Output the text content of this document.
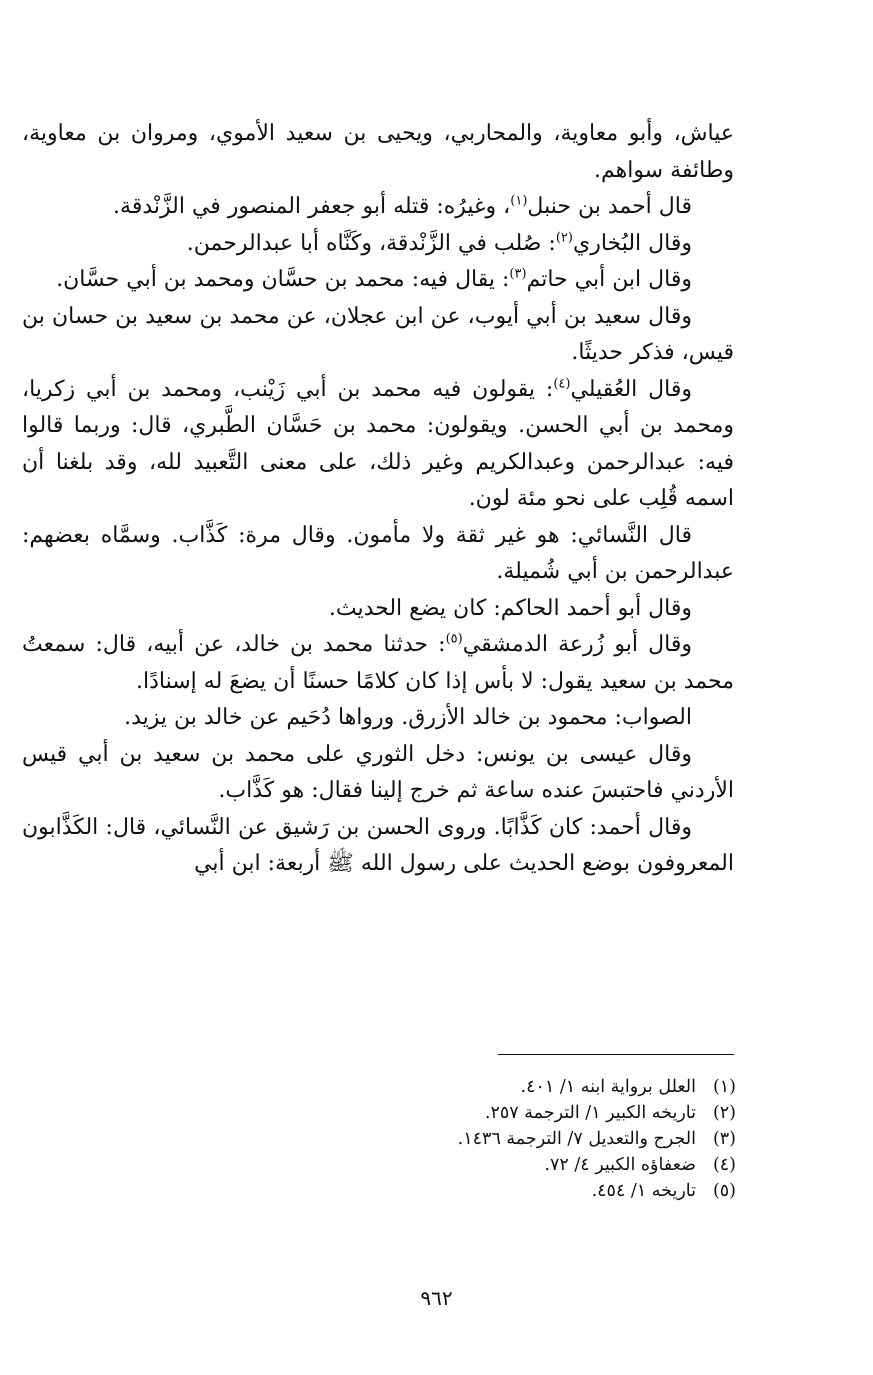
عياش، وأبو معاوية، والمحاربي، ويحيى بن سعيد الأموي، ومروان بن معاوية، وطائفة سواهم.

قال أحمد بن حنبل$^{(١)}$، وغيرُه: قتله أبو جعفر المنصور في الزَّنْدقة.

وقال البُخاري$^{(٢)}$: صُلب في الزَّنْدقة، وكَنَّاه أبا عبدالرحمن.

وقال ابن أبي حاتم$^{(٣)}$: يقال فيه: محمد بن حسَّان ومحمد بن أبي حسَّان.

وقال سعيد بن أبي أيوب، عن ابن عجلان، عن محمد بن سعيد بن حسان بن قيس، فذكر حديثًا.

وقال العُقيلي$^{(٤)}$: يقولون فيه محمد بن أبي زَيْنب، ومحمد بن أبي زكريا، ومحمد بن أبي الحسن. ويقولون: محمد بن حَسَّان الطَّبري، قال: وربما قالوا فيه: عبدالرحمن وعبدالكريم وغير ذلك، على معنى التَّعبيد لله، وقد بلغنا أن اسمه قُلِب على نحو مئة لون.

قال النَّسائي: هو غير ثقة ولا مأمون. وقال مرة: كَذَّاب. وسمَّاه بعضهم: عبدالرحمن بن أبي شُميلة.

وقال أبو أحمد الحاكم: كان يضع الحديث.

وقال أبو زُرعة الدمشقي$^{(٥)}$: حدثنا محمد بن خالد، عن أبيه، قال: سمعتُ محمد بن سعيد يقول: لا بأس إذا كان كلامًا حسنًا أن يضعَ له إسنادًا.

الصواب: محمود بن خالد الأزرق. ورواها دُحَيم عن خالد بن يزيد.

وقال عيسى بن يونس: دخل الثوري على محمد بن سعيد بن أبي قيس الأردني فاحتبسَ عنده ساعة ثم خرج إلينا فقال: هو كَذَّاب.

وقال أحمد: كان كَذَّابًا. وروى الحسن بن رَشيق عن النَّسائي، قال: الكَذَّابون المعروفون بوضع الحديث على رسول الله ﷺ أربعة: ابن أبي

(١)
العلل برواية ابنه ١/ ٤٠١.
(٢)
تاريخه الكبير ١/ الترجمة ٢٥٧.
(٣)
الجرح والتعديل ٧/ الترجمة ١٤٣٦.
(٤)
ضعفاؤه الكبير ٤/ ٧٢.
(٥)
تاريخه ١/ ٤٥٤.
٩٦٢
